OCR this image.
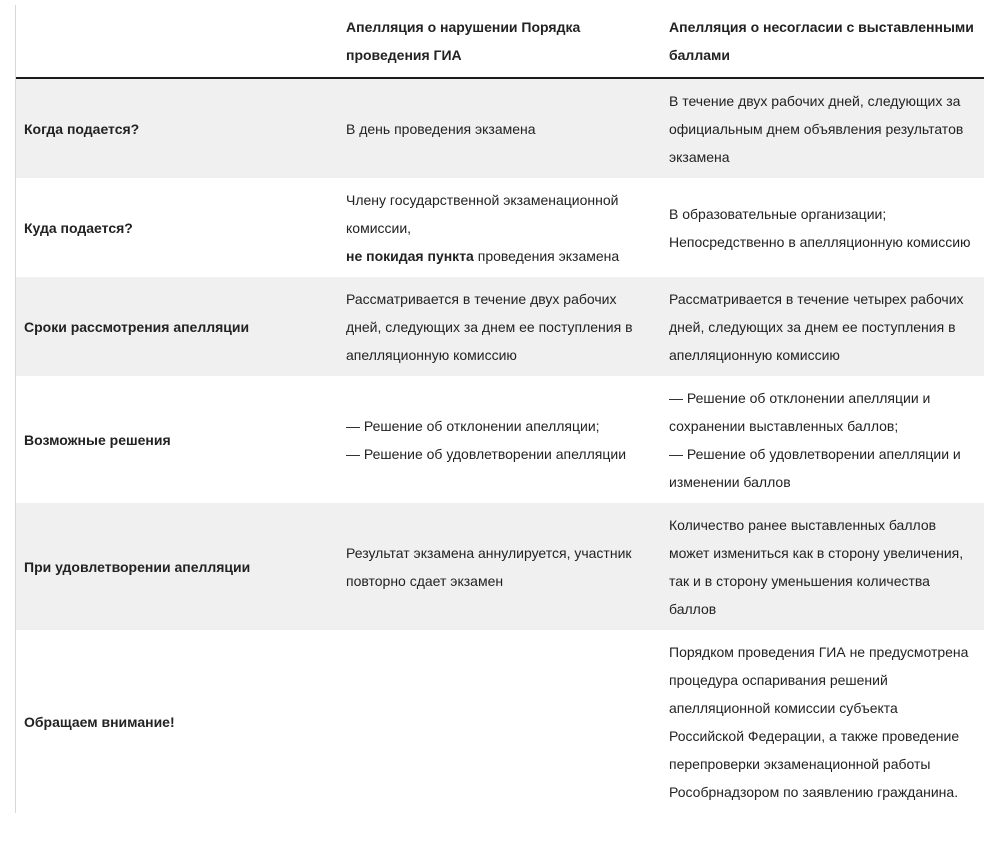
Апелляция о нарушении Порядка проведения ГИА
Апелляция о несогласии с выставленными баллами
Когда подается?	В день проведения экзамена
В течение двух рабочих дней, следующих за официальным днем объявления результатов экзамена
Куда подается?
Члену государственной экзаменационной комиссии,
не покидая пункта проведения экзамена
В образовательные организации;
Непосредственно в апелляционную комиссию
Сроки рассмотрения апелляции
Рассматривается в течение двух рабочих дней, следующих за днем ее поступления в апелляционную комиссию
Рассматривается в течение четырех рабочих дней, следующих за днем ее поступления в апелляционную комиссию
Возможные решения
— Решение об отклонении апелляции;
— Решение об удовлетворении апелляции
— Решение об отклонении апелляции и сохранении выставленных баллов;
— Решение об удовлетворении апелляции и изменении баллов
При удовлетворении апелляции
Результат экзамена аннулируется, участник повторно сдает экзамен
Количество ранее выставленных баллов может измениться как в сторону увеличения, так и в сторону уменьшения количества баллов
Обращаем внимание!
Порядком проведения ГИА не предусмотрена процедура оспаривания решений апелляционной комиссии субъекта Российской Федерации, а также проведение перепроверки экзаменационной работы Рособрнадзором по заявлению гражданина.
